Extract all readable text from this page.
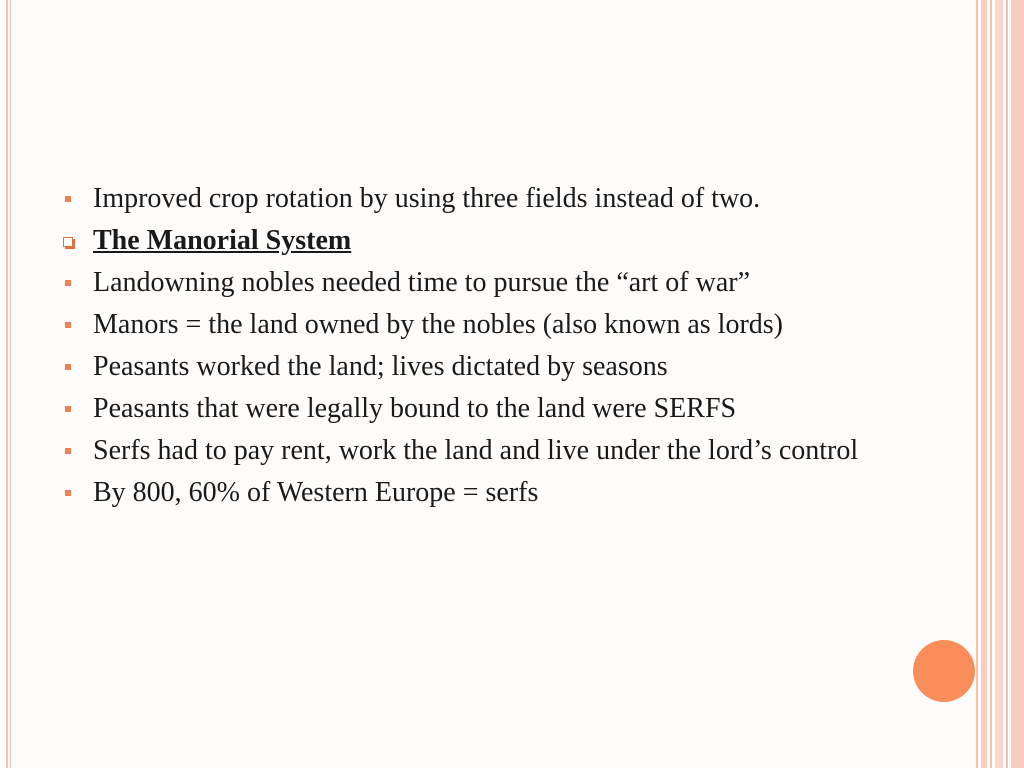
Improved crop rotation by using three fields instead of two.
The Manorial System
Landowning nobles needed time to pursue the “art of war”
Manors = the land owned by the nobles (also known as lords)
Peasants worked the land; lives dictated by seasons
Peasants that were legally bound to the land were SERFS
Serfs had to pay rent, work the land and live under the lord’s control
By 800, 60% of Western Europe = serfs
